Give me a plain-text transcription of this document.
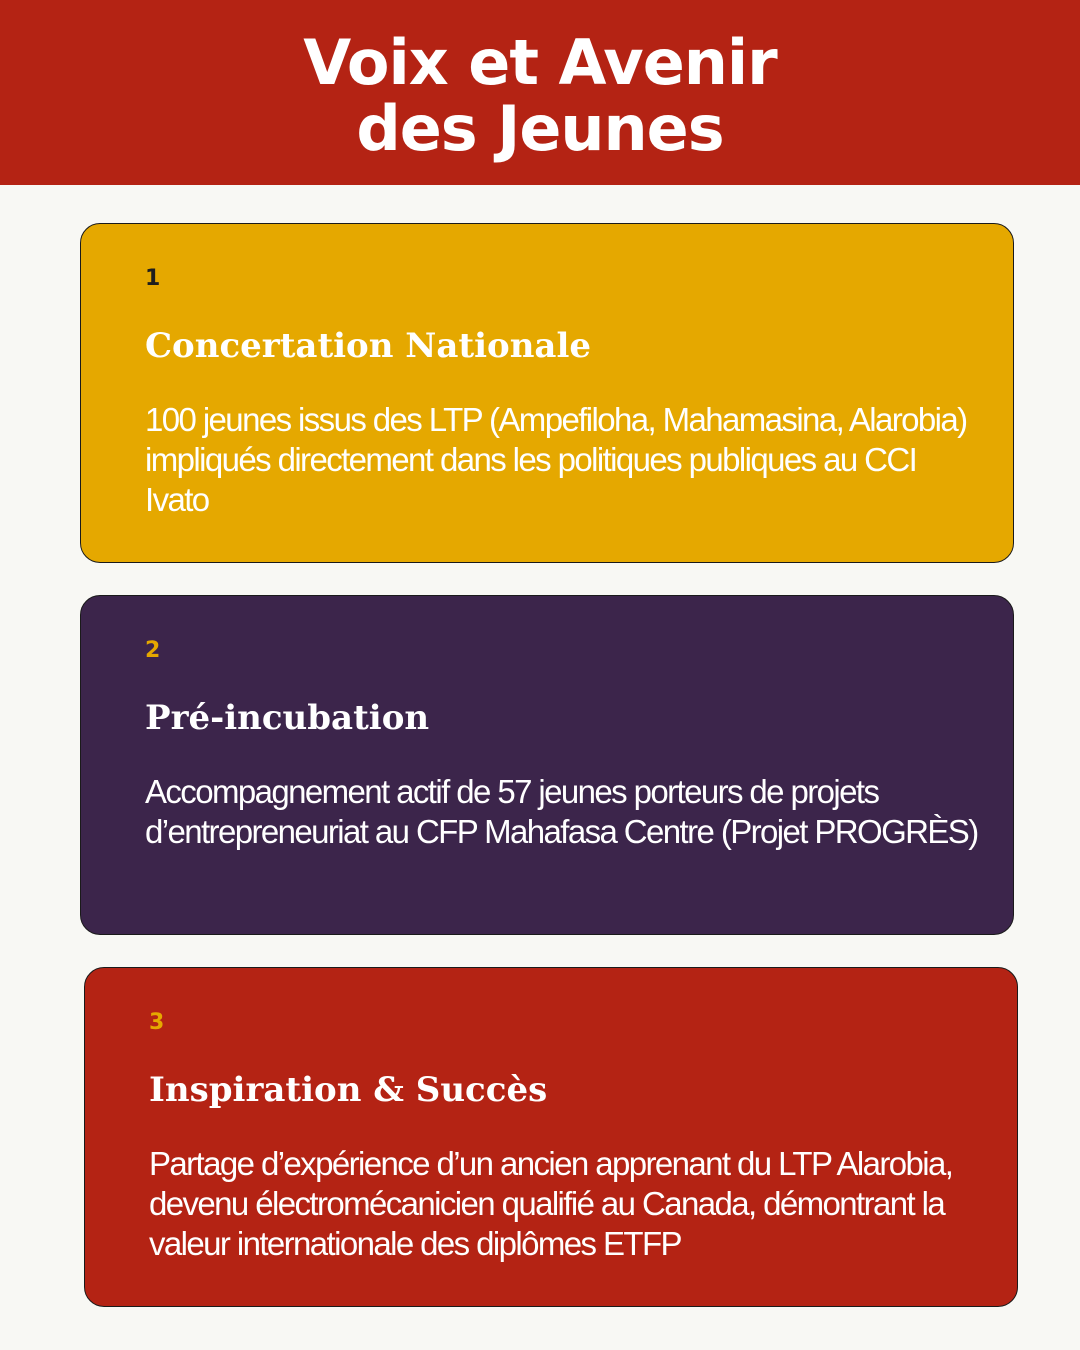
Voix et Avenir
des Jeunes

1

Concertation Nationale

100 jeunes issus des LTP (Ampefiloha, Mahamasina, Alarobia) impliqués directement dans les politiques publiques au CCI Ivato

2

Pré-incubation

Accompagnement actif de 57 jeunes porteurs de projets d’entrepreneuriat au CFP Mahafasa Centre (Projet PROGRÈS)

3

Inspiration & Succès

Partage d’expérience d’un ancien apprenant du LTP Alarobia, devenu électromécanicien qualifié au Canada, démontrant la valeur internationale des diplômes ETFP
